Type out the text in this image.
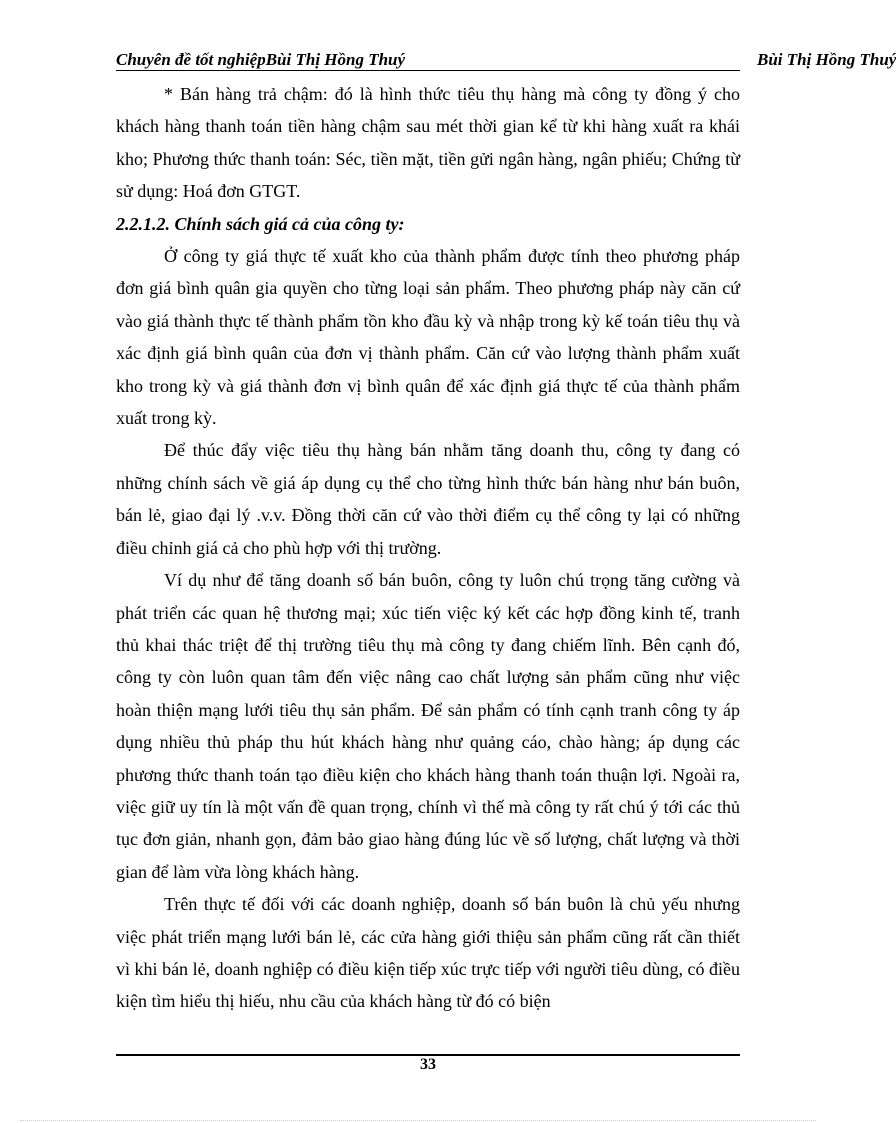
Chuyên đề tốt nghiệpBùi Thị Hồng Thuý	Bùi Thị Hồng Thuý

* Bán hàng trả chậm: đó là hình thức tiêu thụ hàng mà công ty đồng ý cho khách hàng thanh toán tiền hàng chậm sau mét thời gian kể từ khi hàng xuất ra khái kho; Phương thức thanh toán: Séc, tiền mặt, tiền gửi ngân hàng, ngân phiếu; Chứng từ sử dụng: Hoá đơn GTGT.

2.2.1.2. Chính sách giá cả của công ty:

Ở công ty giá thực tế xuất kho của thành phẩm được tính theo phương pháp đơn giá bình quân gia quyền cho từng loại sản phẩm. Theo phương pháp này căn cứ vào giá thành thực tế thành phẩm tồn kho đầu kỳ và nhập trong kỳ kế toán tiêu thụ và xác định giá bình quân của đơn vị thành phẩm. Căn cứ vào lượng thành phẩm xuất kho trong kỳ và giá thành đơn vị bình quân để xác định giá thực tế của thành phẩm xuất trong kỳ.

Để thúc đẩy việc tiêu thụ hàng bán nhằm tăng doanh thu, công ty đang có những chính sách về giá áp dụng cụ thể cho từng hình thức bán hàng như bán buôn, bán lẻ, giao đại lý .v.v. Đồng thời căn cứ vào thời điểm cụ thể công ty lại có những điều chỉnh giá cả cho phù hợp với thị trường.

Ví dụ như để tăng doanh số bán buôn, công ty luôn chú trọng tăng cường và phát triển các quan hệ thương mại; xúc tiến việc ký kết các hợp đồng kinh tế, tranh thủ khai thác triệt để thị trường tiêu thụ mà công ty đang chiếm lĩnh. Bên cạnh đó, công ty còn luôn quan tâm đến việc nâng cao chất lượng sản phẩm cũng như việc hoàn thiện mạng lưới tiêu thụ sản phẩm. Để sản phẩm có tính cạnh tranh công ty áp dụng nhiều thủ pháp thu hút khách hàng như quảng cáo, chào hàng; áp dụng các phương thức thanh toán tạo điều kiện cho khách hàng thanh toán thuận lợi. Ngoài ra, việc giữ uy tín là một vấn đề quan trọng, chính vì thế mà công ty rất chú ý tới các thủ tục đơn giản, nhanh gọn, đảm bảo giao hàng đúng lúc về số lượng, chất lượng và thời gian để làm vừa lòng khách hàng.

Trên thực tế đối với các doanh nghiệp, doanh số bán buôn là chủ yếu nhưng việc phát triển mạng lưới bán lẻ, các cửa hàng giới thiệu sản phẩm cũng rất cần thiết vì khi bán lẻ, doanh nghiệp có điều kiện tiếp xúc trực tiếp với người tiêu dùng, có điều kiện tìm hiểu thị hiếu, nhu cầu của khách hàng từ đó có biện

33
